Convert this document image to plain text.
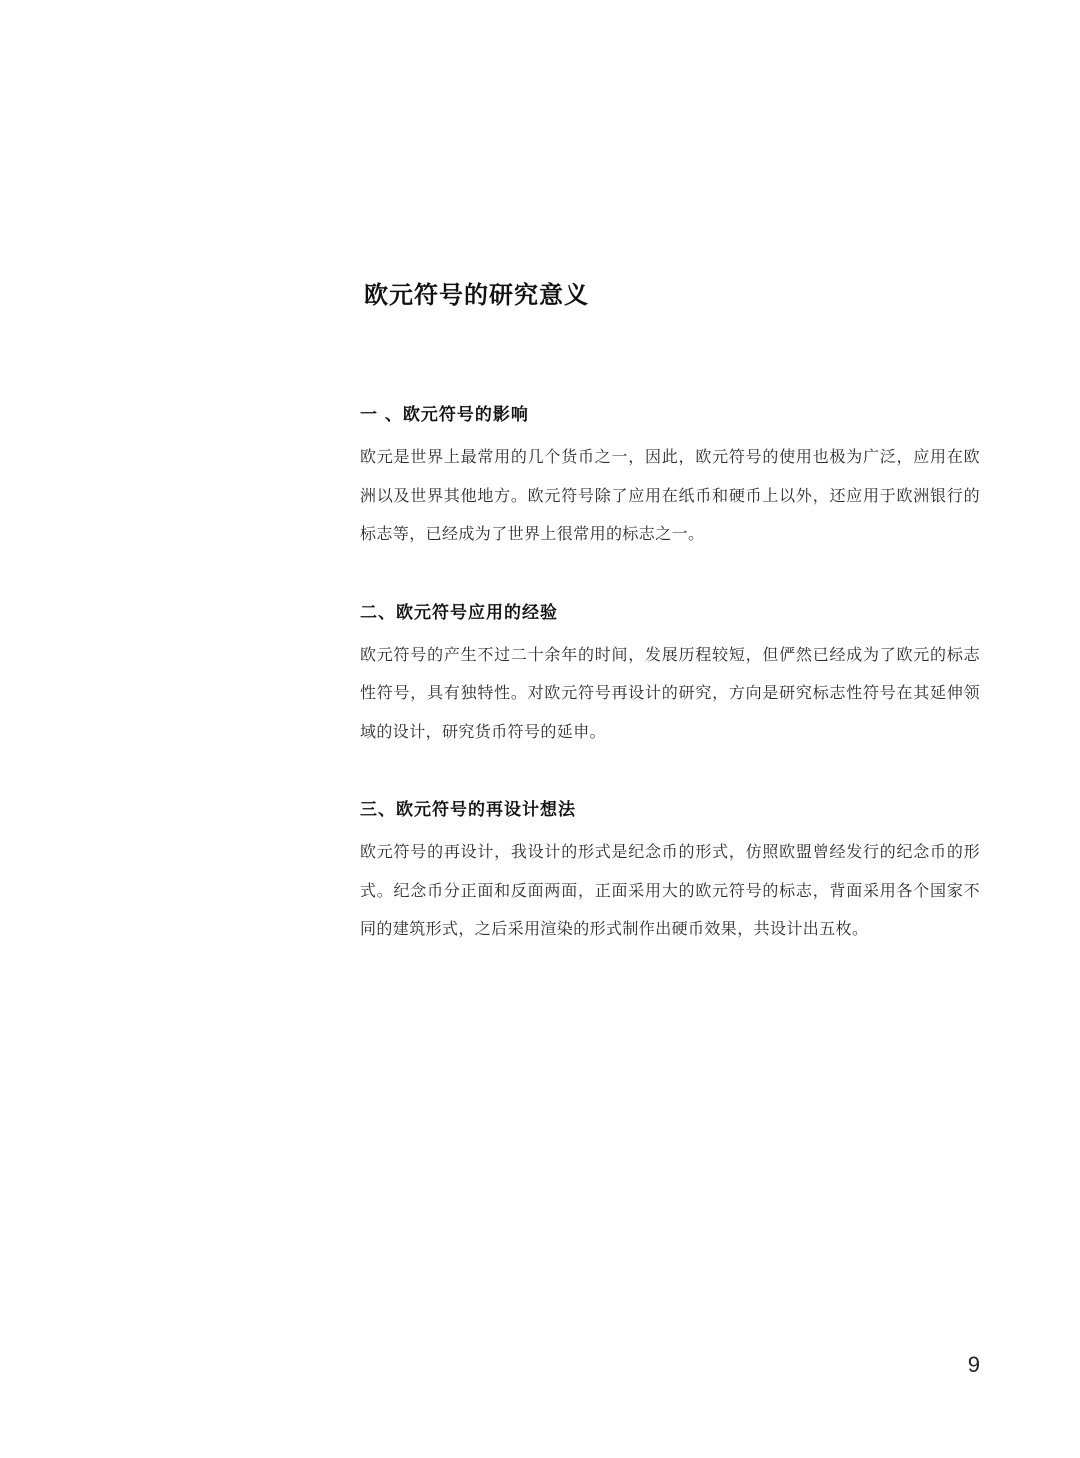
欧元符号的研究意义
一 、欧元符号的影响

欧元是世界上最常用的几个货币之一，因此，欧元符号的使用也极为广泛，应用在欧洲以及世界其他地方。欧元符号除了应用在纸币和硬币上以外，还应用于欧洲银行的标志等，已经成为了世界上很常用的标志之一。

二、欧元符号应用的经验

欧元符号的产生不过二十余年的时间，发展历程较短，但俨然已经成为了欧元的标志性符号，具有独特性。对欧元符号再设计的研究，方向是研究标志性符号在其延伸领域的设计，研究货币符号的延申。

三、欧元符号的再设计想法

欧元符号的再设计，我设计的形式是纪念币的形式，仿照欧盟曾经发行的纪念币的形式。纪念币分正面和反面两面，正面采用大的欧元符号的标志，背面采用各个国家不同的建筑形式，之后采用渲染的形式制作出硬币效果，共设计出五枚。

9
